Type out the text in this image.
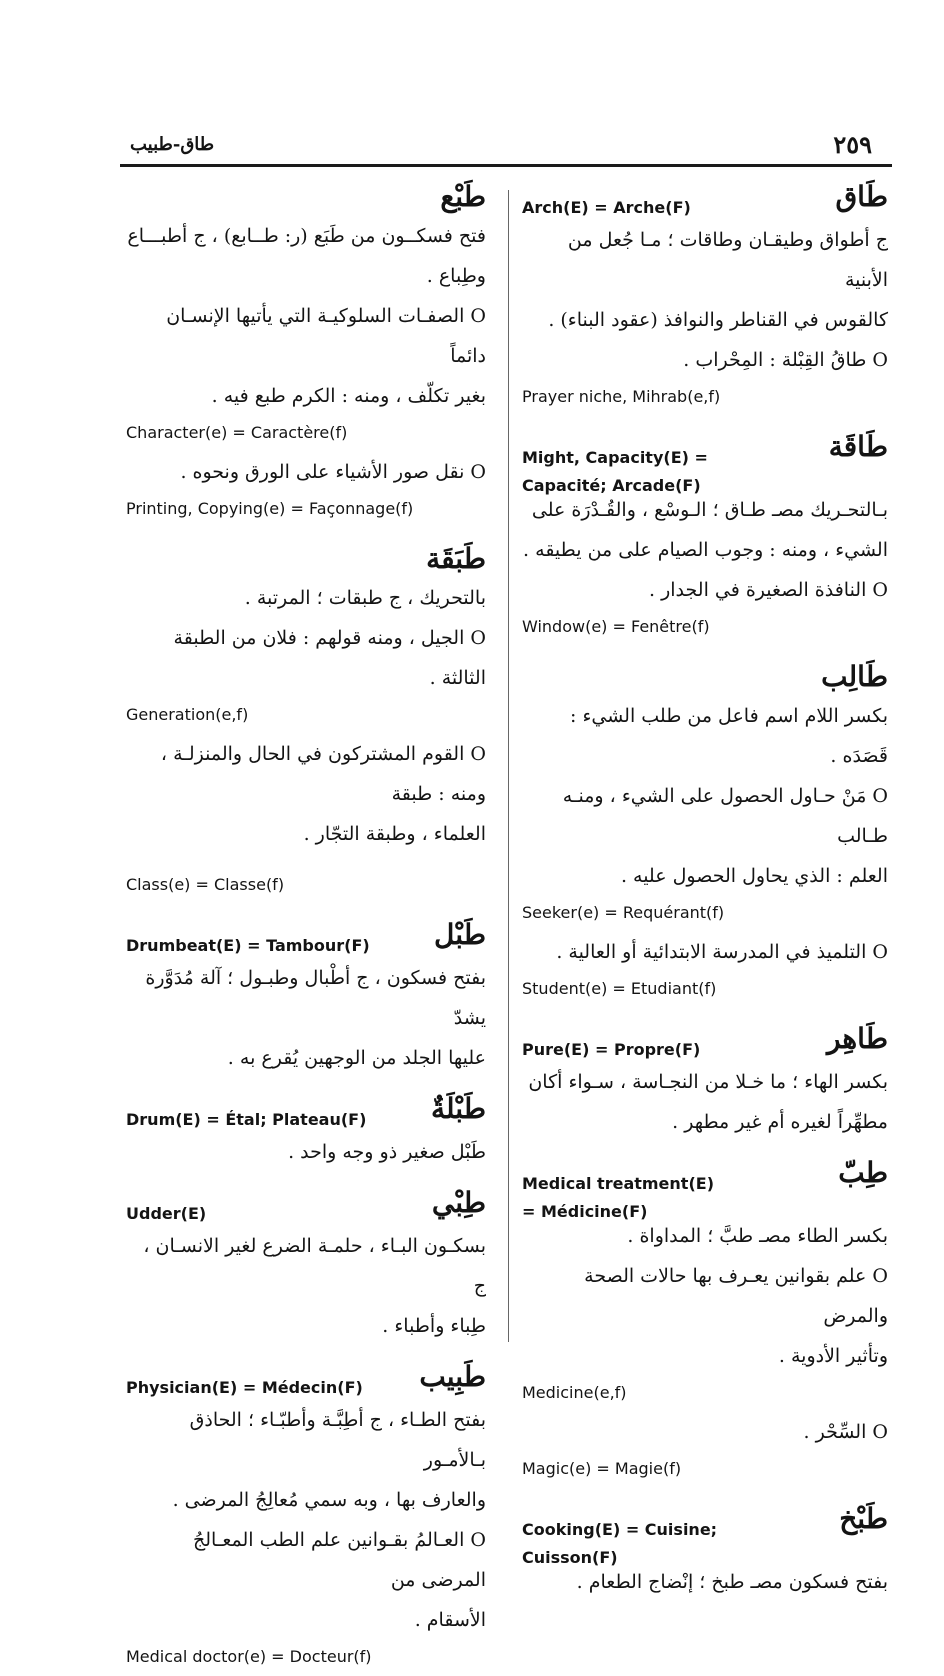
٢٥٩
طاق-طبيب
طَاق
Arch(E) = Arche(F)
ج أطواق وطيقـان وطاقات ؛ مـا جُعل من الأبنية
كالقوس في القناطر والنوافذ (عقود البناء) .
O طاقُ القِبْلة : المِحْراب .
Prayer niche, Mihrab(e,f)
طَاقَة
Might, Capacity(E) = Capacité; Arcade(F)
بـالتحـريك مصـ طـاق ؛ الـوسْع ، والقُـدْرَة على
الشيء ، ومنه : وجوب الصيام على من يطيقه .
O النافذة الصغيرة في الجدار .
Window(e) = Fenêtre(f)
طَالِب
بكسر اللام اسم فاعل من طلب الشيء : قَصَدَه .
O مَنْ حـاول الحصول على الشيء ، ومنـه طـالب
العلم : الذي يحاول الحصول عليه .
Seeker(e) = Requérant(f)
O التلميذ في المدرسة الابتدائية أو العالية .
Student(e) = Etudiant(f)
طَاهِر
Pure(E) = Propre(F)
بكسر الهاء ؛ ما خـلا من النجـاسة ، سـواء أكان
مطهِّراً لغيره أم غير مطهر .
طِبّ
Medical treatment(E) = Médicine(F)
بكسر الطاء مصـ طبَّ ؛ المداواة .
O علم بقوانين يعـرف بها حالات الصحة والمرض
وتأثير الأدوية .
Medicine(e,f)
O السِّحْر .
Magic(e) = Magie(f)
طَبْخ
Cooking(E) = Cuisine; Cuisson(F)
بفتح فسكون مصـ طبخ ؛ إنْضاج الطعام .
طَبْع
فتح فسكــون من طَبَع (ر: طــابع) ، ج أطبـــاع
وطِباع .
O الصفـات السلوكيـة التي يأتيها الإنسـان دائماً
بغير تكلّف ، ومنه : الكرم طبع فيه .
Character(e) = Caractère(f)
O نقل صور الأشياء على الورق ونحوه .
Printing, Copying(e) = Façonnage(f)
طَبَقَة
بالتحريك ، ج طبقات ؛ المرتبة .
O الجيل ، ومنه قولهم : فلان من الطبقة الثالثة .
Generation(e,f)
O القوم المشتركون في الحال والمنزلـة ، ومنه : طبقة
العلماء ، وطبقة التجّار .
Class(e) = Classe(f)
طَبْل
Drumbeat(E) = Tambour(F)
بفتح فسكون ، ج أطْبال وطبـول ؛ آلة مُدَوَّرة يشدّ
عليها الجلد من الوجهين يُقرع به .
طَبْلَةٌ
Drum(E) = Étal; Plateau(F)
طَبْل صغير ذو وجه واحد .
طِبْي
Udder(E)
بسكـون البـاء ، حلمـة الضرع لغير الانسـان ، ج
طِباء وأطباء .
طَبِيب
Physician(E) = Médecin(F)
بفتح الطـاء ، ج أطِبَّـة وأطبّـاء ؛ الحاذق بـالأمـور
والعارف بها ، وبه سمي مُعالِجُ المرضى .
O العـالمُ بقـوانين علم الطب المعـالجُ المرضى من
الأسقام .
Medical doctor(e) = Docteur(f)
